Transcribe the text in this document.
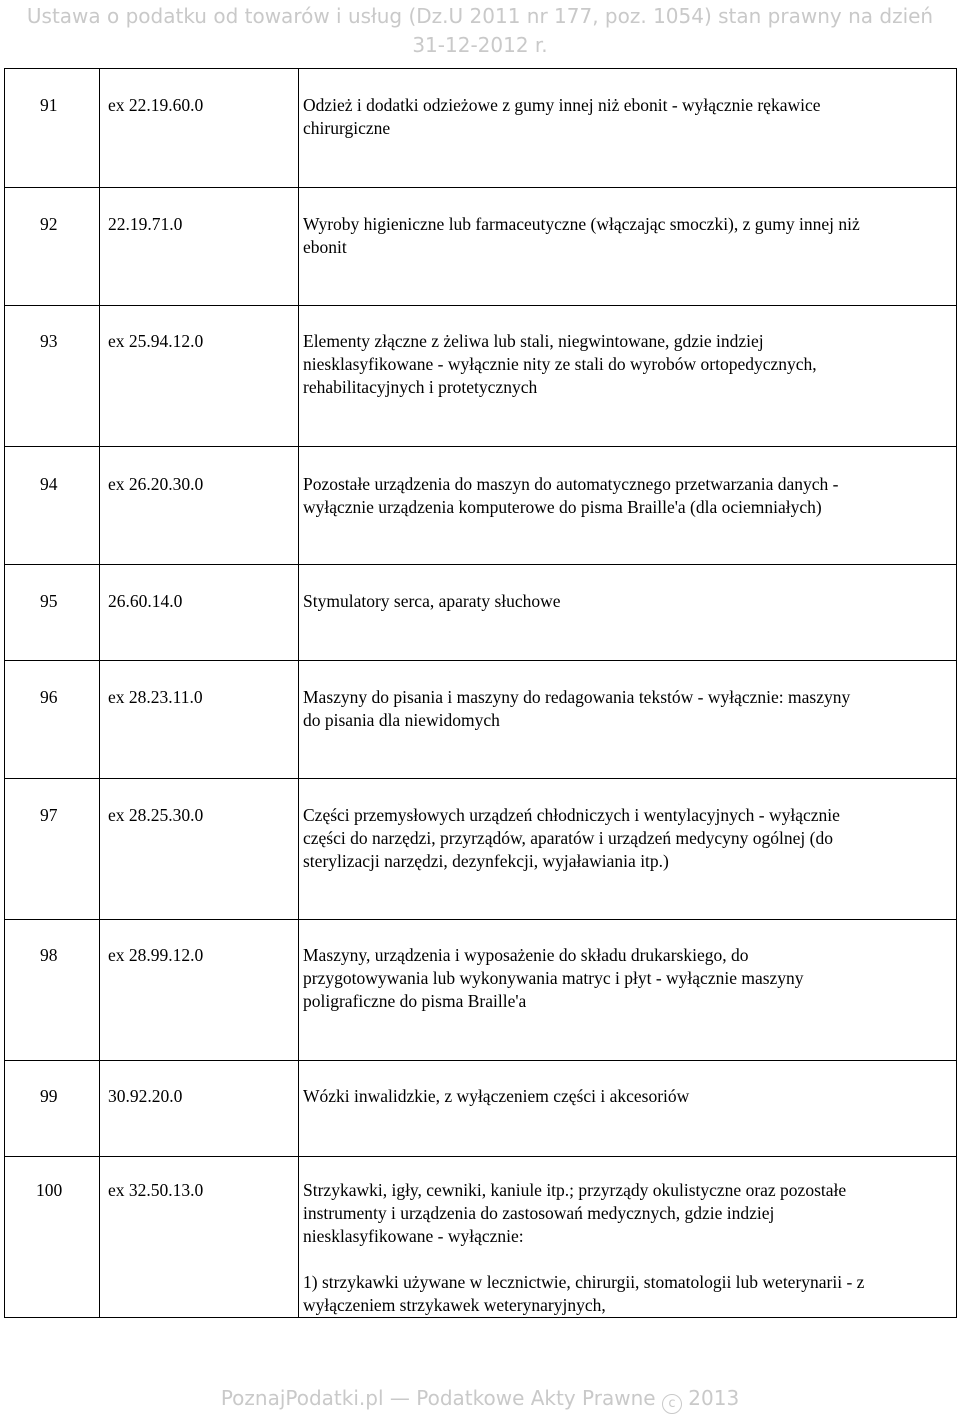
Ustawa o podatku od towarów i usług (Dz.U 2011 nr 177, poz. 1054) stan prawny na dzień
31-12-2012 r.
91	ex 22.19.60.0	Odzież i dodatki odzieżowe z gumy innej niż ebonit - wyłącznie rękawice
chirurgiczne
92	22.19.71.0	Wyroby higieniczne lub farmaceutyczne (włączając smoczki), z gumy innej niż
ebonit
93	ex 25.94.12.0	Elementy złączne z żeliwa lub stali, niegwintowane, gdzie indziej
niesklasyfikowane - wyłącznie nity ze stali do wyrobów ortopedycznych,
rehabilitacyjnych i protetycznych
94	ex 26.20.30.0	Pozostałe urządzenia do maszyn do automatycznego przetwarzania danych -
wyłącznie urządzenia komputerowe do pisma Braille'a (dla ociemniałych)
95	26.60.14.0	Stymulatory serca, aparaty słuchowe
96	ex 28.23.11.0	Maszyny do pisania i maszyny do redagowania tekstów - wyłącznie: maszyny
do pisania dla niewidomych
97	ex 28.25.30.0	Części przemysłowych urządzeń chłodniczych i wentylacyjnych - wyłącznie
części do narzędzi, przyrządów, aparatów i urządzeń medycyny ogólnej (do
sterylizacji narzędzi, dezynfekcji, wyjaławiania itp.)
98	ex 28.99.12.0	Maszyny, urządzenia i wyposażenie do składu drukarskiego, do
przygotowywania lub wykonywania matryc i płyt - wyłącznie maszyny
poligraficzne do pisma Braille'a
99	30.92.20.0	Wózki inwalidzkie, z wyłączeniem części i akcesoriów
100	ex 32.50.13.0	Strzykawki, igły, cewniki, kaniule itp.; przyrządy okulistyczne oraz pozostałe
instrumenty i urządzenia do zastosowań medycznych, gdzie indziej
niesklasyfikowane - wyłącznie:
1) strzykawki używane w lecznictwie, chirurgii, stomatologii lub weterynarii - z
wyłączeniem strzykawek weterynaryjnych,
PoznajPodatki.pl — Podatkowe Akty Prawne c 2013
